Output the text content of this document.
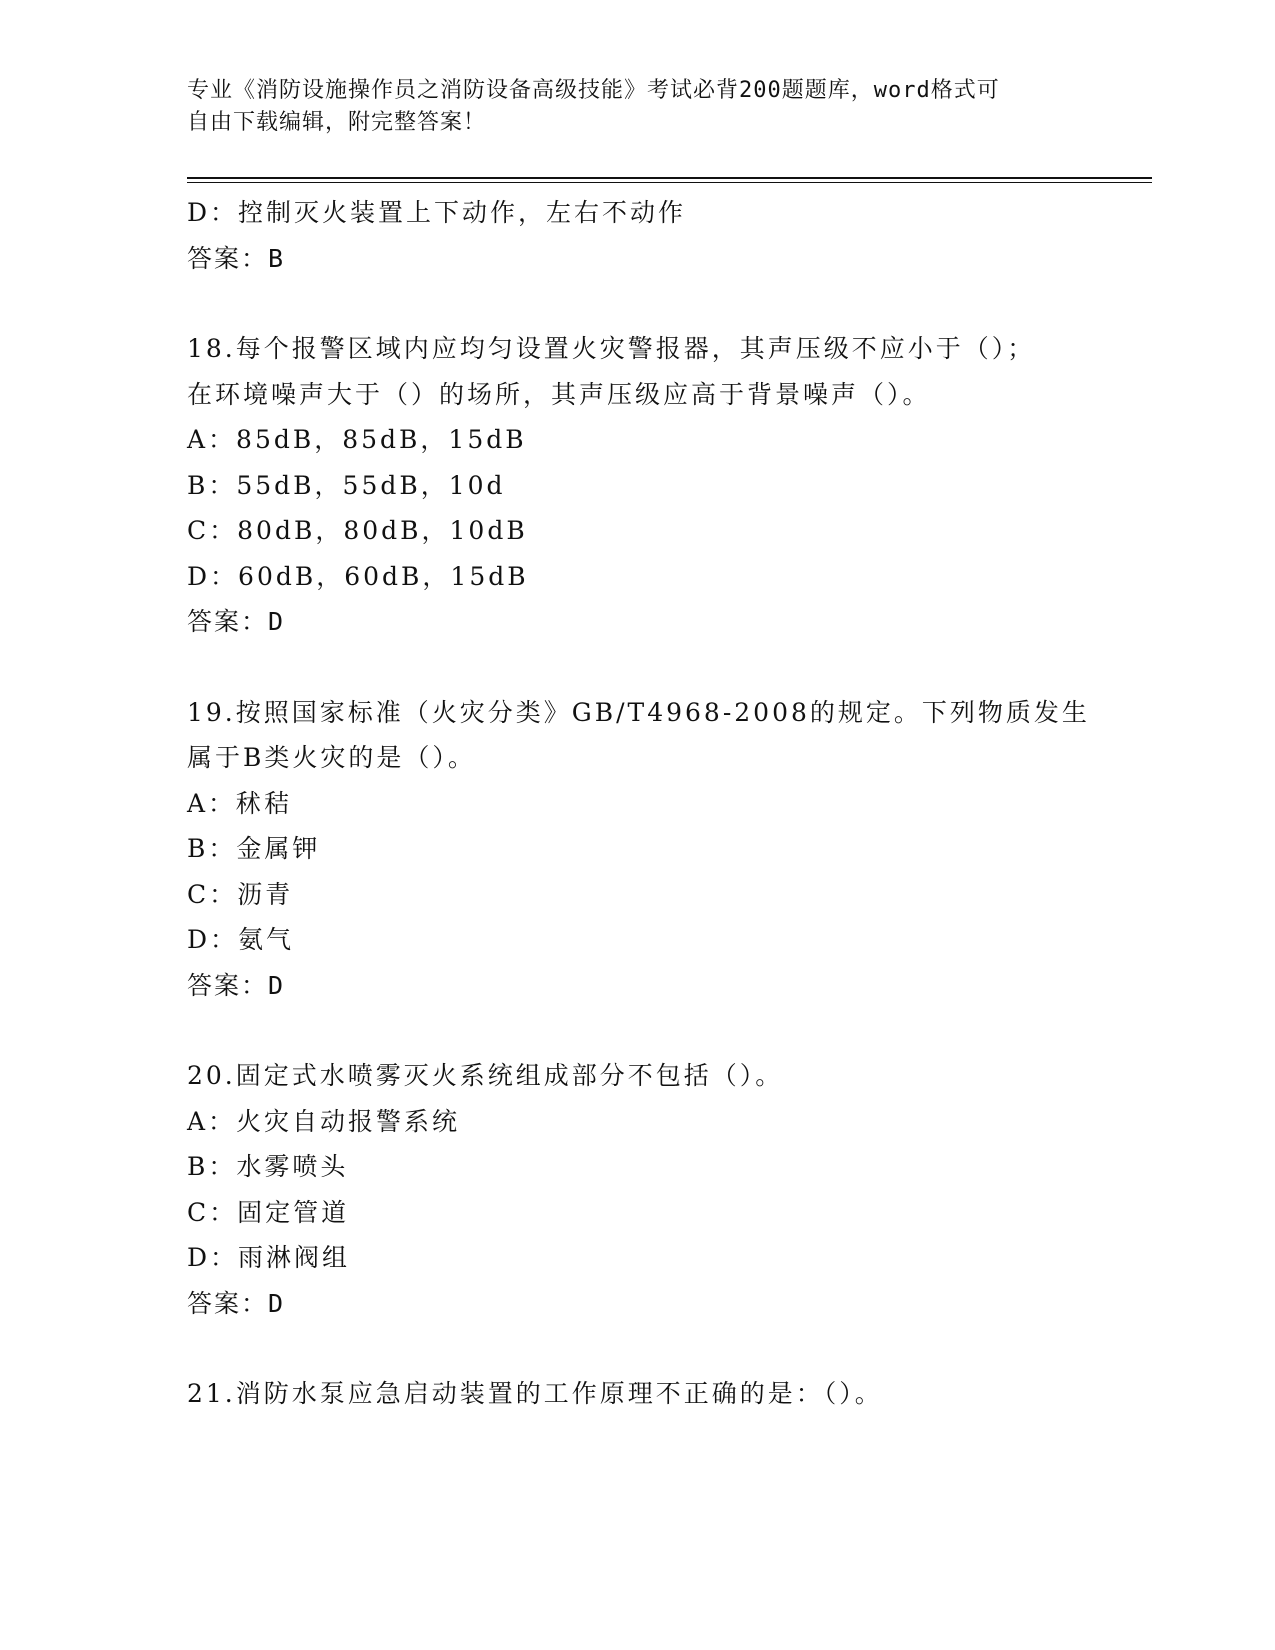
专业《消防设施操作员之消防设备高级技能》考试必背200题题库，word格式可
自由下载编辑，附完整答案！
D：控制灭火装置上下动作，左右不动作
答案：B
18.每个报警区域内应均匀设置火灾警报器，其声压级不应小于（）；
在环境噪声大于（）的场所，其声压级应高于背景噪声（）。
A：85dB，85dB，15dB
B：55dB，55dB，10d
C：80dB，80dB，10dB
D：60dB，60dB，15dB
答案：D
19.按照国家标准（火灾分类》GB/T4968-2008的规定。下列物质发生
属于B类火灾的是（）。
A：秫秸
B：金属钾
C：沥青
D：氨气
答案：D
20.固定式水喷雾灭火系统组成部分不包括（）。
A：火灾自动报警系统
B：水雾喷头
C：固定管道
D：雨淋阀组
答案：D
21.消防水泵应急启动装置的工作原理不正确的是：（）。
